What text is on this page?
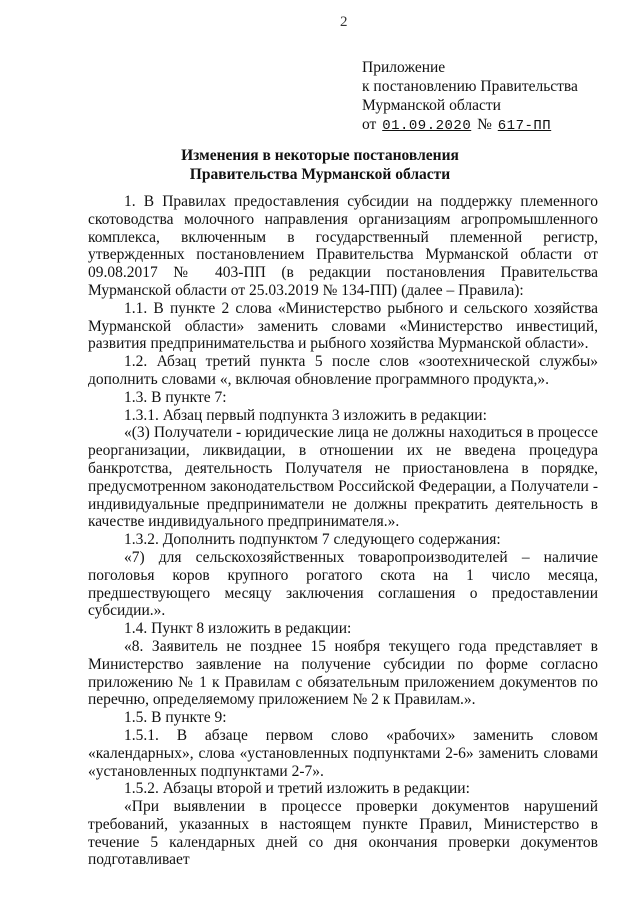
2
Приложение
к постановлению Правительства
Мурманской области
от 01.09.2020 № 617-ПП
Изменения в некоторые постановления
Правительства Мурманской области

1. В Правилах предоставления субсидии на поддержку племенного скотоводства молочного направления организациям агропромышленного комплекса, включенным в государственный племенной регистр, утвержденных постановлением Правительства Мурманской области от 09.08.2017 № 403-ПП (в редакции постановления Правительства Мурманской области от 25.03.2019 № 134-ПП) (далее – Правила):

1.1. В пункте 2 слова «Министерство рыбного и сельского хозяйства Мурманской области» заменить словами «Министерство инвестиций, развития предпринимательства и рыбного хозяйства Мурманской области».

1.2. Абзац третий пункта 5 после слов «зоотехнической службы» дополнить словами «, включая обновление программного продукта,».

1.3. В пункте 7:

1.3.1. Абзац первый подпункта 3 изложить в редакции:

«(3) Получатели - юридические лица не должны находиться в процессе реорганизации, ликвидации, в отношении их не введена процедура банкротства, деятельность Получателя не приостановлена в порядке, предусмотренном законодательством Российской Федерации, а Получатели - индивидуальные предприниматели не должны прекратить деятельность в качестве индивидуального предпринимателя.».

1.3.2. Дополнить подпунктом 7 следующего содержания:

«7) для сельскохозяйственных товаропроизводителей – наличие поголовья коров крупного рогатого скота на 1 число месяца, предшествующего месяцу заключения соглашения о предоставлении субсидии.».

1.4. Пункт 8 изложить в редакции:

«8. Заявитель не позднее 15 ноября текущего года представляет в Министерство заявление на получение субсидии по форме согласно приложению № 1 к Правилам с обязательным приложением документов по перечню, определяемому приложением № 2 к Правилам.».

1.5. В пункте 9:

1.5.1. В абзаце первом слово «рабочих» заменить словом «календарных», слова «установленных подпунктами 2-6» заменить словами «установленных подпунктами 2-7».

1.5.2. Абзацы второй и третий изложить в редакции:

«При выявлении в процессе проверки документов нарушений требований, указанных в настоящем пункте Правил, Министерство в течение 5 календарных дней со дня окончания проверки документов подготавливает
